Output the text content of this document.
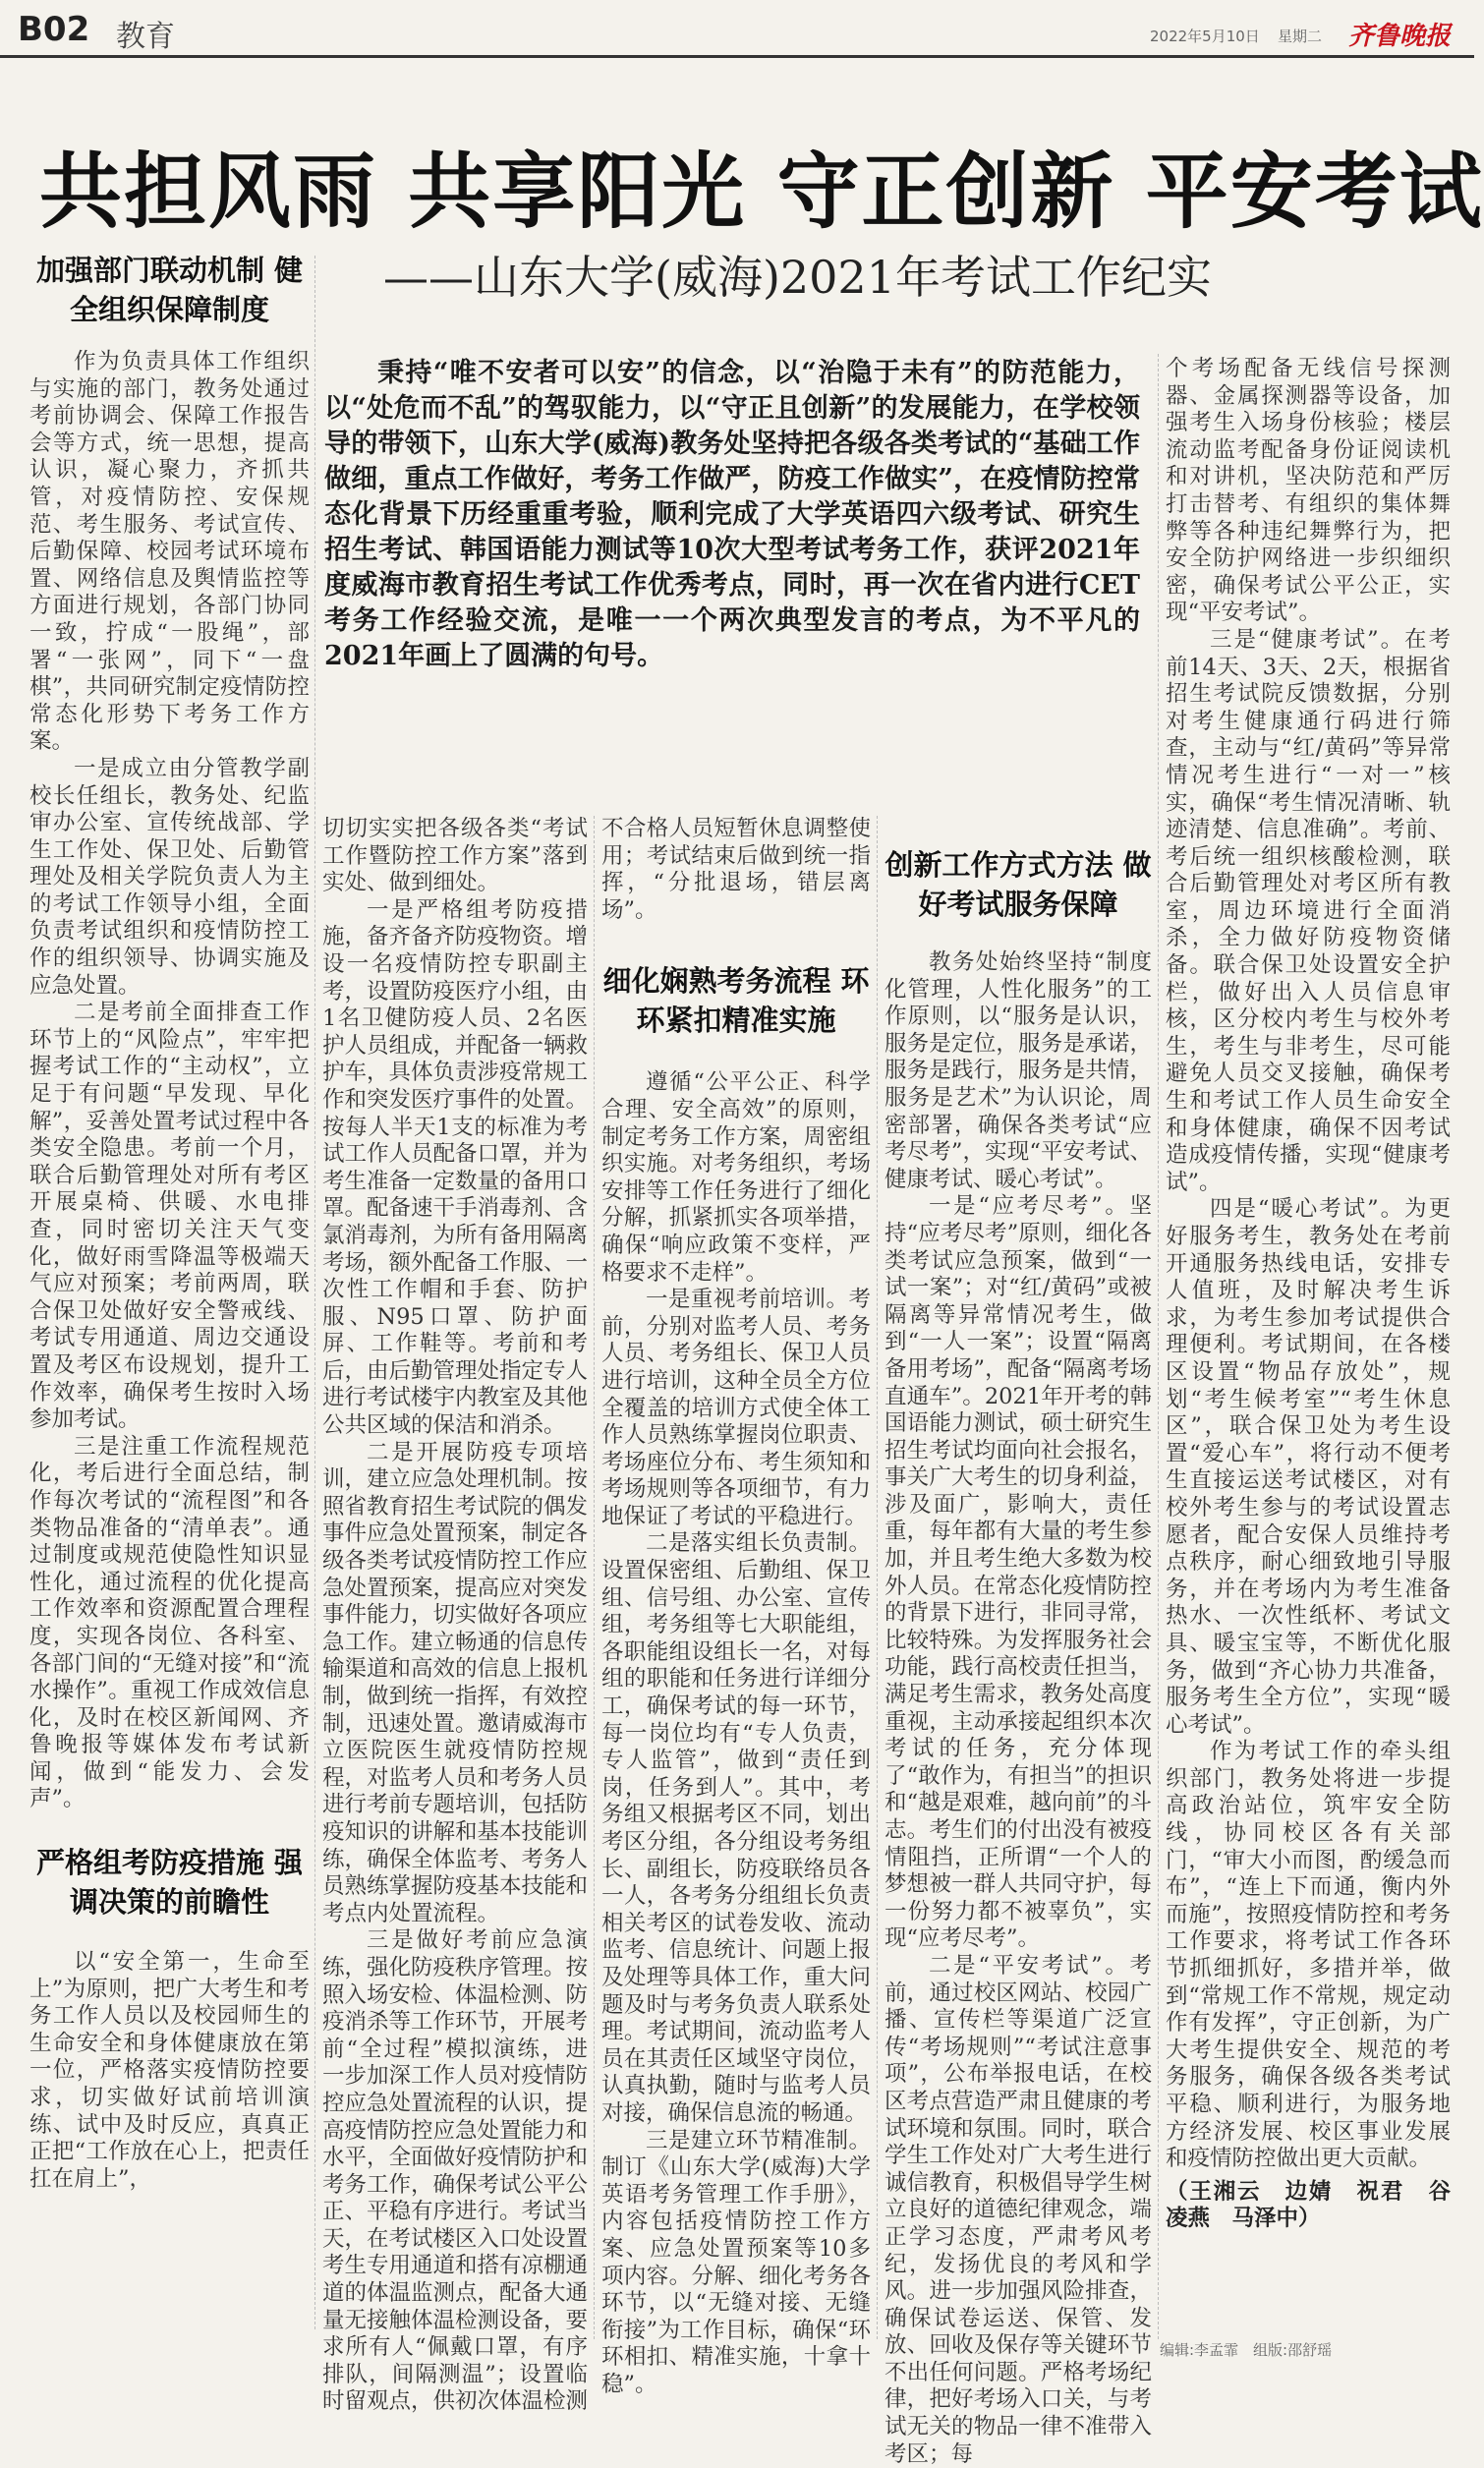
B02 教育	2022年5月10日 星期二 齐鲁晚报
共担风雨 共享阳光 守正创新 平安考试
——山东大学(威海)2021年考试工作纪实
秉持“唯不安者可以安”的信念，以“治隐于未有”的防范能力，以“处危而不乱”的驾驭能力，以“守正且创新”的发展能力，在学校领导的带领下，山东大学(威海)教务处坚持把各级各类考试的“基础工作做细，重点工作做好，考务工作做严，防疫工作做实”，在疫情防控常态化背景下历经重重考验，顺利完成了大学英语四六级考试、研究生招生考试、韩国语能力测试等10次大型考试考务工作，获评2021年度威海市教育招生考试工作优秀考点，同时，再一次在省内进行CET考务工作经验交流，是唯一一个两次典型发言的考点，为不平凡的2021年画上了圆满的句号。
加强部门联动机制 健全组织保障制度

作为负责具体工作组织与实施的部门，教务处通过考前协调会、保障工作报告会等方式，统一思想，提高认识，凝心聚力，齐抓共管，对疫情防控、安保规范、考生服务、考试宣传、后勤保障、校园考试环境布置、网络信息及舆情监控等方面进行规划，各部门协同一致，拧成“一股绳”，部署“一张网”，同下“一盘棋”，共同研究制定疫情防控常态化形势下考务工作方案。

一是成立由分管教学副校长任组长，教务处、纪监审办公室、宣传统战部、学生工作处、保卫处、后勤管理处及相关学院负责人为主的考试工作领导小组，全面负责考试组织和疫情防控工作的组织领导、协调实施及应急处置。

二是考前全面排查工作环节上的“风险点”，牢牢把握考试工作的“主动权”，立足于有问题“早发现、早化解”，妥善处置考试过程中各类安全隐患。考前一个月，联合后勤管理处对所有考区开展桌椅、供暖、水电排查，同时密切关注天气变化，做好雨雪降温等极端天气应对预案；考前两周，联合保卫处做好安全警戒线、考试专用通道、周边交通设置及考区布设规划，提升工作效率，确保考生按时入场参加考试。

三是注重工作流程规范化，考后进行全面总结，制作每次考试的“流程图”和各类物品准备的“清单表”。通过制度或规范使隐性知识显性化，通过流程的优化提高工作效率和资源配置合理程度，实现各岗位、各科室、各部门间的“无缝对接”和“流水操作”。重视工作成效信息化，及时在校区新闻网、齐鲁晚报等媒体发布考试新闻，做到“能发力、会发声”。

严格组考防疫措施 强调决策的前瞻性

以“安全第一，生命至上”为原则，把广大考生和考务工作人员以及校园师生的生命安全和身体健康放在第一位，严格落实疫情防控要求，切实做好试前培训演练、试中及时反应，真真正正把“工作放在心上，把责任扛在肩上”，

切切实实把各级各类“考试工作暨防控工作方案”落到实处、做到细处。

一是严格组考防疫措施，备齐备齐防疫物资。增设一名疫情防控专职副主考，设置防疫医疗小组，由1名卫健防疫人员、2名医护人员组成，并配备一辆救护车，具体负责涉疫常规工作和突发医疗事件的处置。按每人半天1支的标准为考试工作人员配备口罩，并为考生准备一定数量的备用口罩。配备速干手消毒剂、含氯消毒剂，为所有备用隔离考场，额外配备工作服、一次性工作帽和手套、防护服、N95口罩、防护面屏、工作鞋等。考前和考后，由后勤管理处指定专人进行考试楼宇内教室及其他公共区域的保洁和消杀。

二是开展防疫专项培训，建立应急处理机制。按照省教育招生考试院的偶发事件应急处置预案，制定各级各类考试疫情防控工作应急处置预案，提高应对突发事件能力，切实做好各项应急工作。建立畅通的信息传输渠道和高效的信息上报机制，做到统一指挥，有效控制，迅速处置。邀请威海市立医院医生就疫情防控规程，对监考人员和考务人员进行考前专题培训，包括防疫知识的讲解和基本技能训练，确保全体监考、考务人员熟练掌握防疫基本技能和考点内处置流程。

三是做好考前应急演练，强化防疫秩序管理。按照入场安检、体温检测、防疫消杀等工作环节，开展考前“全过程”模拟演练，进一步加深工作人员对疫情防控应急处置流程的认识，提高疫情防控应急处置能力和水平，全面做好疫情防护和考务工作，确保考试公平公正、平稳有序进行。考试当天，在考试楼区入口处设置考生专用通道和搭有凉棚通道的体温监测点，配备大通量无接触体温检测设备，要求所有人“佩戴口罩，有序排队，间隔测温”；设置临时留观点，供初次体温检测

不合格人员短暂休息调整使用；考试结束后做到统一指挥，“分批退场，错层离场”。

细化娴熟考务流程 环环紧扣精准实施

遵循“公平公正、科学合理、安全高效”的原则，制定考务工作方案，周密组织实施。对考务组织，考场安排等工作任务进行了细化分解，抓紧抓实各项举措，确保“响应政策不变样，严格要求不走样”。

一是重视考前培训。考前，分别对监考人员、考务人员、考务组长、保卫人员进行培训，这种全员全方位全覆盖的培训方式使全体工作人员熟练掌握岗位职责、考场座位分布、考生须知和考场规则等各项细节，有力地保证了考试的平稳进行。

二是落实组长负责制。设置保密组、后勤组、保卫组、信号组、办公室、宣传组，考务组等七大职能组，各职能组设组长一名，对每组的职能和任务进行详细分工，确保考试的每一环节，每一岗位均有“专人负责，专人监管”，做到“责任到岗，任务到人”。其中，考务组又根据考区不同，划出考区分组，各分组设考务组长、副组长，防疫联络员各一人，各考务分组组长负责相关考区的试卷发收、流动监考、信息统计、问题上报及处理等具体工作，重大问题及时与考务负责人联系处理。考试期间，流动监考人员在其责任区域坚守岗位，认真执勤，随时与监考人员对接，确保信息流的畅通。

三是建立环节精准制。制订《山东大学(威海)大学英语考务管理工作手册》，内容包括疫情防控工作方案、应急处置预案等10多项内容。分解、细化考务各环节，以“无缝对接、无缝衔接”为工作目标，确保“环环相扣、精准实施，十拿十稳”。

创新工作方式方法 做好考试服务保障

教务处始终坚持“制度化管理，人性化服务”的工作原则，以“服务是认识，服务是定位，服务是承诺，服务是践行，服务是共情，服务是艺术”为认识论，周密部署，确保各类考试“应考尽考”，实现“平安考试、健康考试、暖心考试”。

一是“应考尽考”。坚持“应考尽考”原则，细化各类考试应急预案，做到“一试一案”；对“红/黄码”或被隔离等异常情况考生，做到“一人一案”；设置“隔离备用考场”，配备“隔离考场直通车”。2021年开考的韩国语能力测试，硕士研究生招生考试均面向社会报名，事关广大考生的切身利益，涉及面广，影响大，责任重，每年都有大量的考生参加，并且考生绝大多数为校外人员。在常态化疫情防控的背景下进行，非同寻常，比较特殊。为发挥服务社会功能，践行高校责任担当，满足考生需求，教务处高度重视，主动承接起组织本次考试的任务，充分体现了“敢作为，有担当”的担识和“越是艰难，越向前”的斗志。考生们的付出没有被疫情阻挡，正所谓“一个人的梦想被一群人共同守护，每一份努力都不被辜负”，实现“应考尽考”。

二是“平安考试”。考前，通过校区网站、校园广播、宣传栏等渠道广泛宣传“考场规则”“考试注意事项”，公布举报电话，在校区考点营造严肃且健康的考试环境和氛围。同时，联合学生工作处对广大考生进行诚信教育，积极倡导学生树立良好的道德纪律观念，端正学习态度，严肃考风考纪，发扬优良的考风和学风。进一步加强风险排查，确保试卷运送、保管、发放、回收及保存等关键环节不出任何问题。严格考场纪律，把好考场入口关，与考试无关的物品一律不准带入考区；每

个考场配备无线信号探测器、金属探测器等设备，加强考生入场身份核验；楼层流动监考配备身份证阅读机和对讲机，坚决防范和严厉打击替考、有组织的集体舞弊等各种违纪舞弊行为，把安全防护网络进一步织细织密，确保考试公平公正，实现“平安考试”。

三是“健康考试”。在考前14天、3天、2天，根据省招生考试院反馈数据，分别对考生健康通行码进行筛查，主动与“红/黄码”等异常情况考生进行“一对一”核实，确保“考生情况清晰、轨迹清楚、信息准确”。考前、考后统一组织核酸检测，联合后勤管理处对考区所有教室，周边环境进行全面消杀，全力做好防疫物资储备。联合保卫处设置安全护栏，做好出入人员信息审核，区分校内考生与校外考生，考生与非考生，尽可能避免人员交叉接触，确保考生和考试工作人员生命安全和身体健康，确保不因考试造成疫情传播，实现“健康考试”。

四是“暖心考试”。为更好服务考生，教务处在考前开通服务热线电话，安排专人值班，及时解决考生诉求，为考生参加考试提供合理便利。考试期间，在各楼区设置“物品存放处”，规划“考生候考室”“考生休息区”，联合保卫处为考生设置“爱心车”，将行动不便考生直接运送考试楼区，对有校外考生参与的考试设置志愿者，配合安保人员维持考点秩序，耐心细致地引导服务，并在考场内为考生准备热水、一次性纸杯、考试文具、暖宝宝等，不断优化服务，做到“齐心协力共准备，服务考生全方位”，实现“暖心考试”。

作为考试工作的牵头组织部门，教务处将进一步提高政治站位，筑牢安全防线，协同校区各有关部门，“审大小而图，酌缓急而布”，“连上下而通，衡内外而施”，按照疫情防控和考务工作要求，将考试工作各环节抓细抓好，多措并举，做到“常规工作不常规，规定动作有发挥”，守正创新，为广大考生提供安全、规范的考务服务，确保各级各类考试平稳、顺利进行，为服务地方经济发展、校区事业发展和疫情防控做出更大贡献。

（王湘云　边婧　祝君　谷凌燕　马泽中）

编辑:李孟霏　组版:邵舒瑶
